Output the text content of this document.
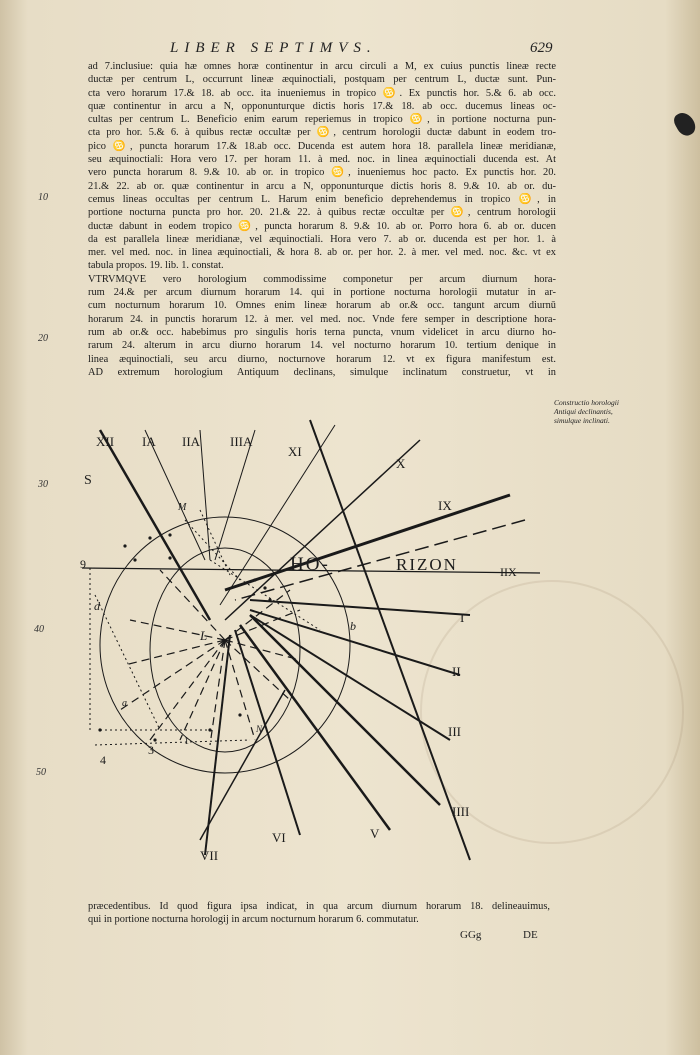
LIBER SEPTIMVS.	629
10
20
30
40
50
ad 7.inclusiue: quia hæ omnes horæ continentur in arcu circuli a M, ex cuius punctis lineæ recte
ductæ per centrum L, occurrunt lineæ æquinoctiali, postquam per centrum L, ductæ sunt. Pun-
cta vero horarum 17.& 18. ab occ. ita inueniemus in tropico ♋. Ex punctis hor. 5.& 6. ab occ.
quæ continentur in arcu a N, opponunturque dictis horis 17.& 18. ab occ. ducemus lineas oc-
cultas per centrum L. Beneficio enim earum reperiemus in tropico ♋, in portione nocturna pun-
cta pro hor. 5.& 6. à quibus rectæ occultæ per ♋, centrum horologii ductæ dabunt in eodem tro-
pico ♋, puncta horarum 17.& 18.ab occ. Ducenda est autem hora 18. parallela lineæ meridianæ,
seu æquinoctiali: Hora vero 17. per horam 11. à med. noc. in linea æquinoctiali ducenda est. At
vero puncta horarum 8. 9.& 10. ab or. in tropico ♋, inueniemus hoc pacto. Ex punctis hor. 20.
21.& 22. ab or. quæ continentur in arcu a N, opponunturque dictis horis 8. 9.& 10. ab or. du-
cemus lineas occultas per centrum L. Harum enim beneficio deprehendemus in tropico ♋, in
portione nocturna puncta pro hor. 20. 21.& 22. à quibus rectæ occultæ per ♋, centrum horologii
ductæ dabunt in eodem tropico ♋, puncta horarum 8. 9.& 10. ab or. Porro hora 6. ab or. ducen
da est parallela lineæ meridianæ, vel æquinoctiali. Hora vero 7. ab or. ducenda est per hor. 1. à
mer. vel med. noc. in linea æquinoctiali, & hora 8. ab or. per hor. 2. à mer. vel med. noc. &c. vt ex
tabula propos. 19. lib. 1. constat.
VTRVMQVE vero horologium commodissime componetur per arcum diurnum hora-
rum 24.& per arcum diurnum horarum 14. qui in portione nocturna horologii mutatur in ar-
cum nocturnum horarum 10. Omnes enim lineæ horarum ab or.& occ. tangunt arcum diurnū
horarum 24. in punctis horarum 12. à mer. vel med. noc. Vnde fere semper in descriptione hora-
rum ab or.& occ. habebimus pro singulis horis terna puncta, vnum videlicet in arcu diurno ho-
rarum 24. alterum in arcu diurno horarum 14. vel nocturno horarum 10. tertium denique in
linea æquinoctiali, seu arcu diurno, nocturnove horarum 12. vt ex figura manifestum est.
AD extremum horologium Antiquum declinans, simulque inclinatum construetur, vt in
Constructio horologii Antiqui declinantis, simulque inclinati.
XII IA IIA IIIA
XI
X
IX
IIX
HO-	RIZON
I
II
III
IIII
V
VI
VII
M
N
L
b
d
a
S
1
3
4
9
præcedentibus. Id quod figura ipsa indicat, in qua arcum diurnum horarum 18. delineauimus,
qui in portione nocturna horologij in arcum nocturnum horarum 6. commutatur.
GGg	DE
